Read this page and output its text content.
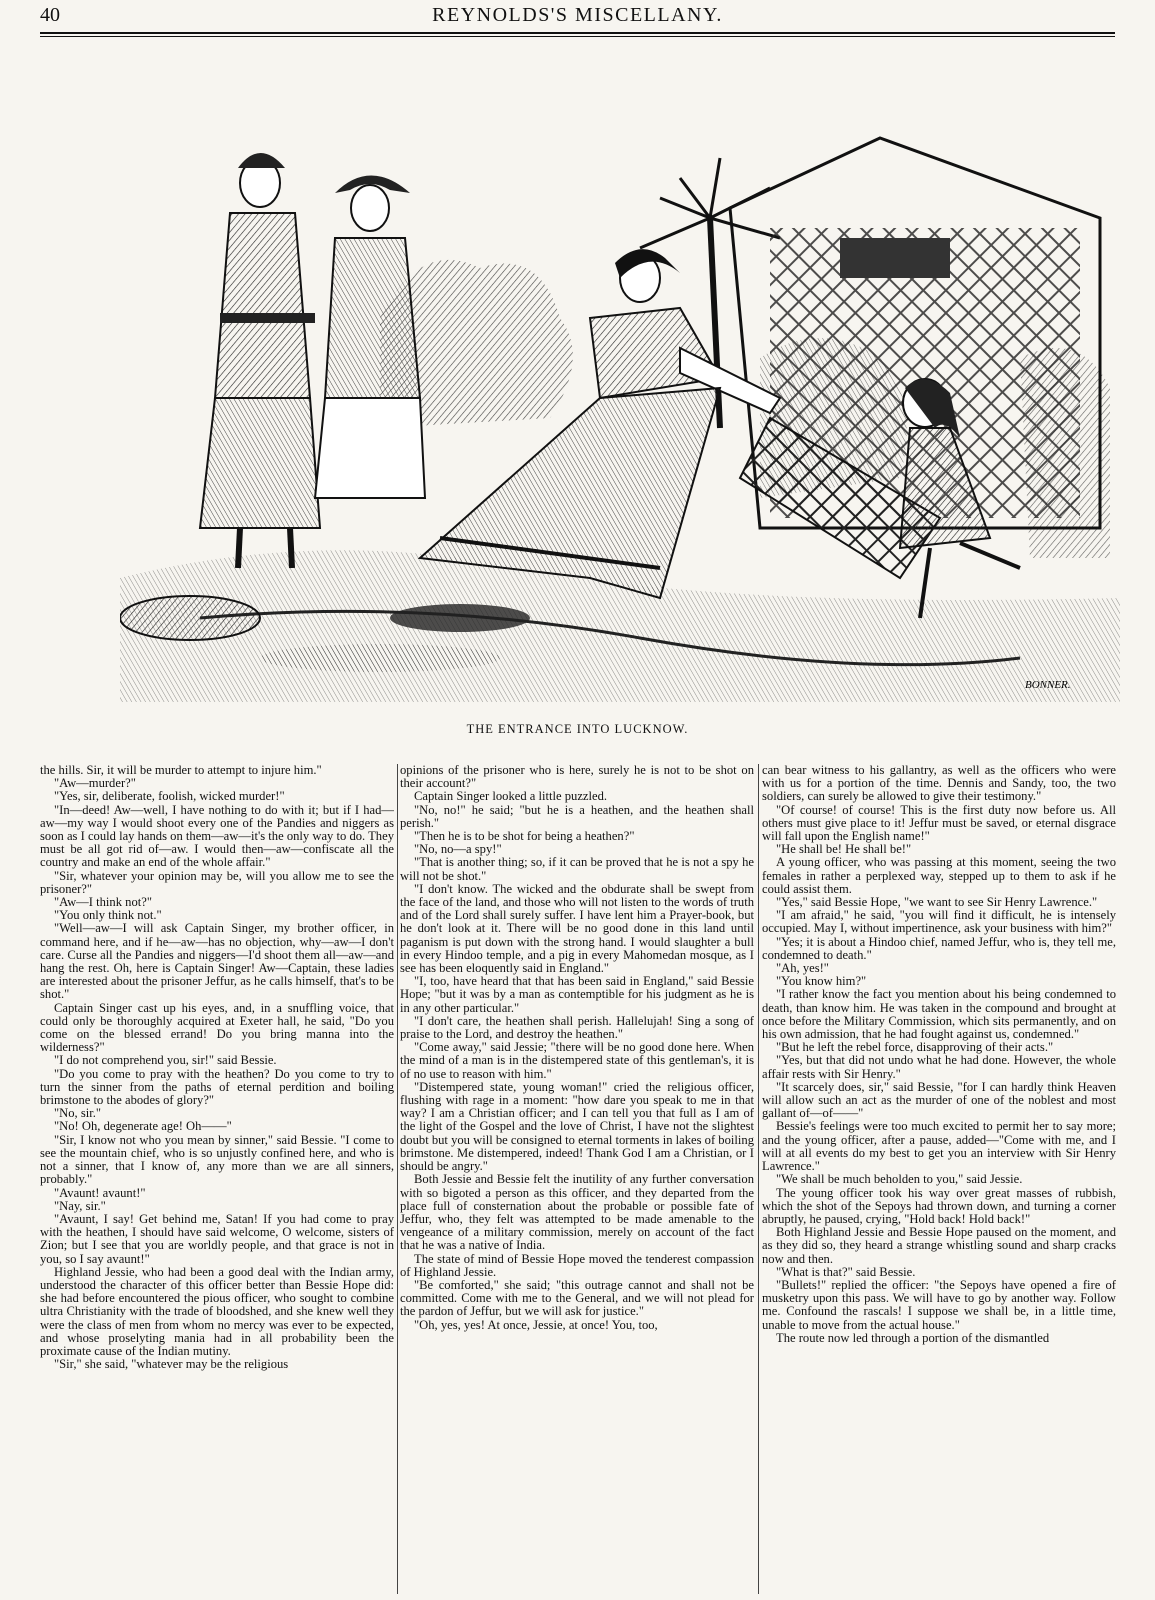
40	REYNOLDS'S MISCELLANY.
BONNER.
THE ENTRANCE INTO LUCKNOW.

the hills. Sir, it will be murder to attempt to injure him."

"Aw—murder?"

"Yes, sir, deliberate, foolish, wicked murder!"

"In—deed! Aw—well, I have nothing to do with it; but if I had—aw—my way I would shoot every one of the Pandies and niggers as soon as I could lay hands on them—aw—it's the only way to do. They must be all got rid of—aw. I would then—aw—confiscate all the country and make an end of the whole affair."

"Sir, whatever your opinion may be, will you allow me to see the prisoner?"

"Aw—I think not?"

"You only think not."

"Well—aw—I will ask Captain Singer, my brother officer, in command here, and if he—aw—has no objection, why—aw—I don't care. Curse all the Pandies and niggers—I'd shoot them all—aw—and hang the rest. Oh, here is Captain Singer! Aw—Captain, these ladies are interested about the prisoner Jeffur, as he calls himself, that's to be shot."

Captain Singer cast up his eyes, and, in a snuffling voice, that could only be thoroughly acquired at Exeter hall, he said, "Do you come on the blessed errand! Do you bring manna into the wilderness?"

"I do not comprehend you, sir!" said Bessie.

"Do you come to pray with the heathen? Do you come to try to turn the sinner from the paths of eternal perdition and boiling brimstone to the abodes of glory?"

"No, sir."

"No! Oh, degenerate age! Oh——"

"Sir, I know not who you mean by sinner," said Bessie. "I come to see the mountain chief, who is so unjustly confined here, and who is not a sinner, that I know of, any more than we are all sinners, probably."

"Avaunt! avaunt!"

"Nay, sir."

"Avaunt, I say! Get behind me, Satan! If you had come to pray with the heathen, I should have said welcome, O welcome, sisters of Zion; but I see that you are worldly people, and that grace is not in you, so I say avaunt!"

Highland Jessie, who had been a good deal with the Indian army, understood the character of this officer better than Bessie Hope did: she had before encountered the pious officer, who sought to combine ultra Christianity with the trade of bloodshed, and she knew well they were the class of men from whom no mercy was ever to be expected, and whose proselyting mania had in all probability been the proximate cause of the Indian mutiny.

"Sir," she said, "whatever may be the religious

opinions of the prisoner who is here, surely he is not to be shot on their account?"

Captain Singer looked a little puzzled.

"No, no!" he said; "but he is a heathen, and the heathen shall perish."

"Then he is to be shot for being a heathen?"

"No, no—a spy!"

"That is another thing; so, if it can be proved that he is not a spy he will not be shot."

"I don't know. The wicked and the obdurate shall be swept from the face of the land, and those who will not listen to the words of truth and of the Lord shall surely suffer. I have lent him a Prayer-book, but he don't look at it. There will be no good done in this land until paganism is put down with the strong hand. I would slaughter a bull in every Hindoo temple, and a pig in every Mahomedan mosque, as I see has been eloquently said in England."

"I, too, have heard that that has been said in England," said Bessie Hope; "but it was by a man as contemptible for his judgment as he is in any other particular."

"I don't care, the heathen shall perish. Hallelujah! Sing a song of praise to the Lord, and destroy the heathen."

"Come away," said Jessie; "there will be no good done here. When the mind of a man is in the distempered state of this gentleman's, it is of no use to reason with him."

"Distempered state, young woman!" cried the religious officer, flushing with rage in a moment: "how dare you speak to me in that way? I am a Christian officer; and I can tell you that full as I am of the light of the Gospel and the love of Christ, I have not the slightest doubt but you will be consigned to eternal torments in lakes of boiling brimstone. Me distempered, indeed! Thank God I am a Christian, or I should be angry."

Both Jessie and Bessie felt the inutility of any further conversation with so bigoted a person as this officer, and they departed from the place full of consternation about the probable or possible fate of Jeffur, who, they felt was attempted to be made amenable to the vengeance of a military commission, merely on account of the fact that he was a native of India.

The state of mind of Bessie Hope moved the tenderest compassion of Highland Jessie.

"Be comforted," she said; "this outrage cannot and shall not be committed. Come with me to the General, and we will not plead for the pardon of Jeffur, but we will ask for justice."

"Oh, yes, yes! At once, Jessie, at once! You, too,

can bear witness to his gallantry, as well as the officers who were with us for a portion of the time. Dennis and Sandy, too, the two soldiers, can surely be allowed to give their testimony."

"Of course! of course! This is the first duty now before us. All others must give place to it! Jeffur must be saved, or eternal disgrace will fall upon the English name!"

"He shall be! He shall be!"

A young officer, who was passing at this moment, seeing the two females in rather a perplexed way, stepped up to them to ask if he could assist them.

"Yes," said Bessie Hope, "we want to see Sir Henry Lawrence."

"I am afraid," he said, "you will find it difficult, he is intensely occupied. May I, without impertinence, ask your business with him?"

"Yes; it is about a Hindoo chief, named Jeffur, who is, they tell me, condemned to death."

"Ah, yes!"

"You know him?"

"I rather know the fact you mention about his being condemned to death, than know him. He was taken in the compound and brought at once before the Military Commission, which sits permanently, and on his own admission, that he had fought against us, condemned."

"But he left the rebel force, disapproving of their acts."

"Yes, but that did not undo what he had done. However, the whole affair rests with Sir Henry."

"It scarcely does, sir," said Bessie, "for I can hardly think Heaven will allow such an act as the murder of one of the noblest and most gallant of—of——"

Bessie's feelings were too much excited to permit her to say more; and the young officer, after a pause, added—"Come with me, and I will at all events do my best to get you an interview with Sir Henry Lawrence."

"We shall be much beholden to you," said Jessie.

The young officer took his way over great masses of rubbish, which the shot of the Sepoys had thrown down, and turning a corner abruptly, he paused, crying, "Hold back! Hold back!"

Both Highland Jessie and Bessie Hope paused on the moment, and as they did so, they heard a strange whistling sound and sharp cracks now and then.

"What is that?" said Bessie.

"Bullets!" replied the officer: "the Sepoys have opened a fire of musketry upon this pass. We will have to go by another way. Follow me. Confound the rascals! I suppose we shall be, in a little time, unable to move from the actual house."

The route now led through a portion of the dismantled
